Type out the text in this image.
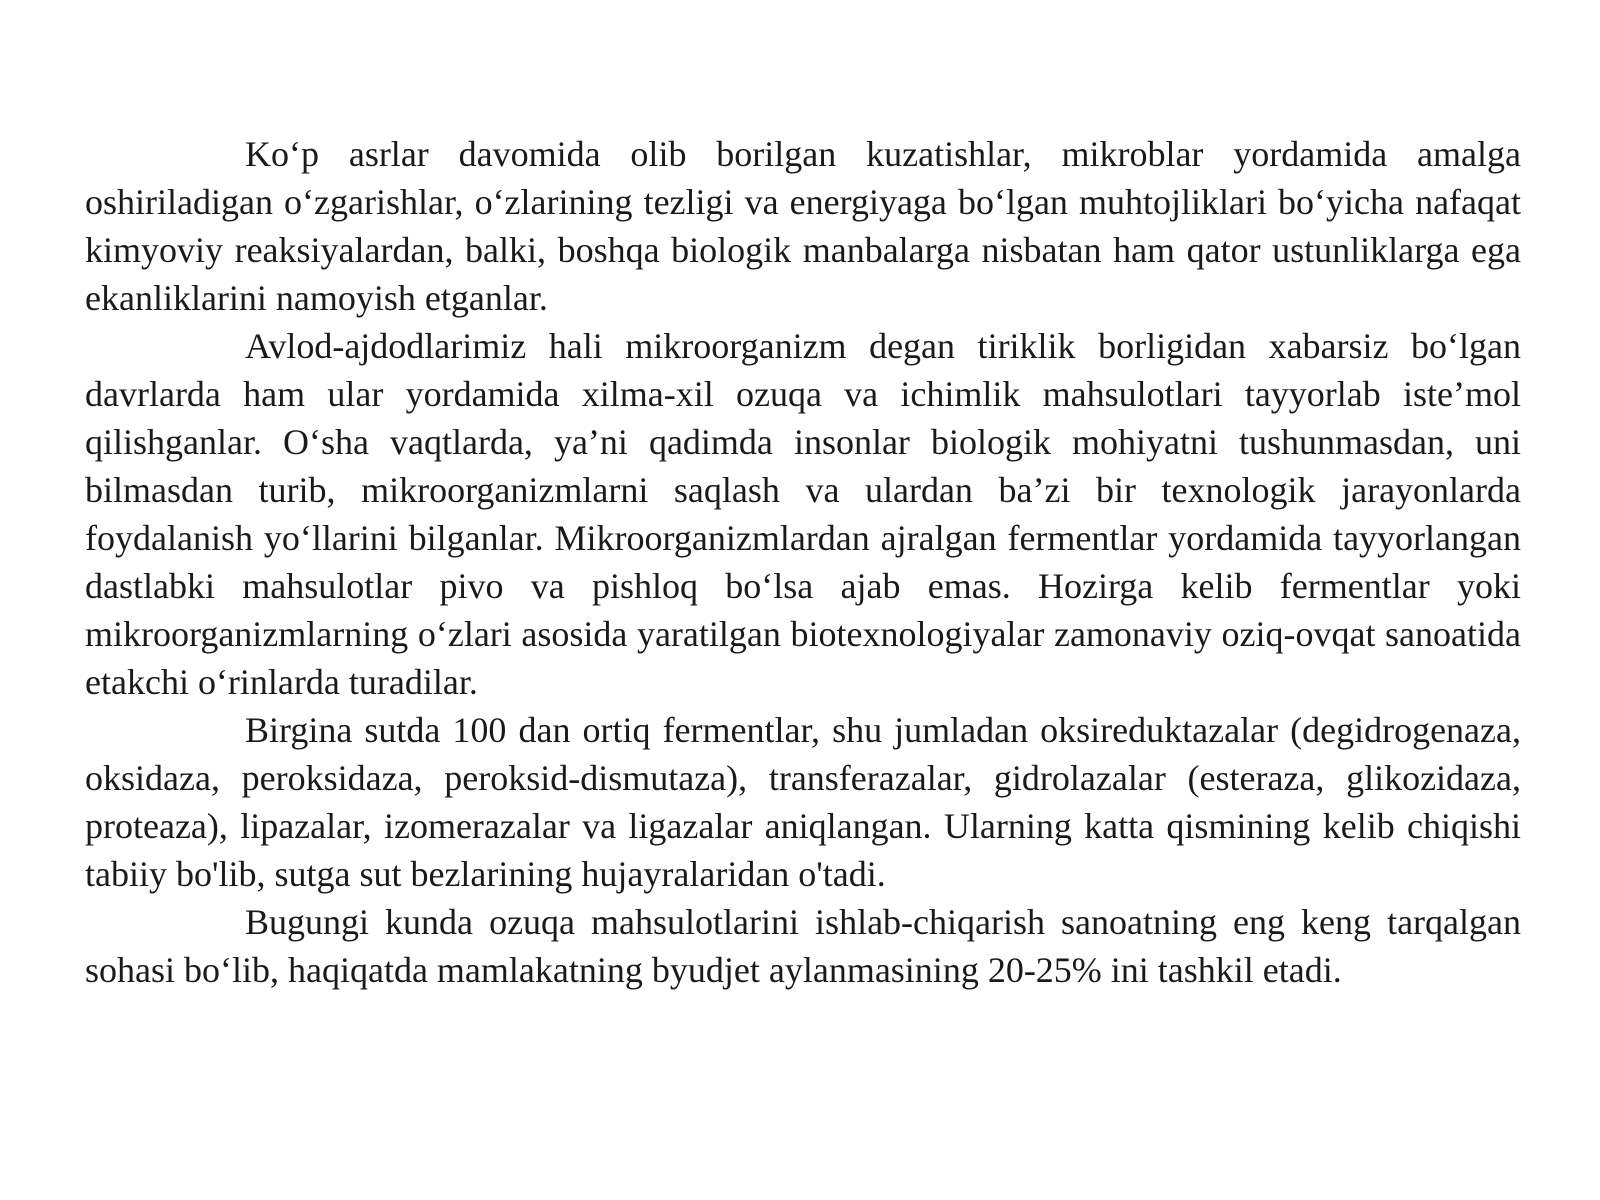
Ko‘p asrlar davomida olib borilgan kuzatishlar, mikroblar yordamida amalga oshiriladigan o‘zgarishlar, o‘zlarining tezligi va energiyaga bo‘lgan muhtojliklari bo‘yicha nafaqat kimyoviy reaksiyalardan, balki, boshqa biologik manbalarga nisbatan ham qator ustunliklarga ega ekanliklarini namoyish etganlar.

Avlod-ajdodlarimiz hali mikroorganizm degan tiriklik borligidan xabarsiz bo‘lgan davrlarda ham ular yordamida xilma-xil ozuqa va ichimlik mahsulotlari tayyorlab iste’mol qilishganlar. O‘sha vaqtlarda, ya’ni qadimda insonlar biologik mohiyatni tushunmasdan, uni bilmasdan turib, mikroorganizmlarni saqlash va ulardan ba’zi bir texnologik jarayonlarda foydalanish yo‘llarini bilganlar. Mikroorganizmlardan ajralgan fermentlar yordamida tayyorlangan dastlabki mahsulotlar pivo va pishloq bo‘lsa ajab emas. Hozirga kelib fermentlar yoki mikroorganizmlarning o‘zlari asosida yaratilgan biotexnologiyalar zamonaviy oziq-ovqat sanoatida etakchi o‘rinlarda turadilar.

Birgina sutda 100 dan ortiq fermentlar, shu jumladan oksireduktazalar (degidrogenaza, oksidaza, peroksidaza, peroksid-dismutaza), transferazalar, gidrolazalar (esteraza, glikozidaza, proteaza), lipazalar, izomerazalar va ligazalar aniqlangan. Ularning katta qismining kelib chiqishi tabiiy bo'lib, sutga sut bezlarining hujayralaridan o'tadi.

Bugungi kunda ozuqa mahsulotlarini ishlab-chiqarish sanoatning eng keng tarqalgan sohasi bo‘lib, haqiqatda mamlakatning byudjet aylanmasining 20-25% ini tashkil etadi.
